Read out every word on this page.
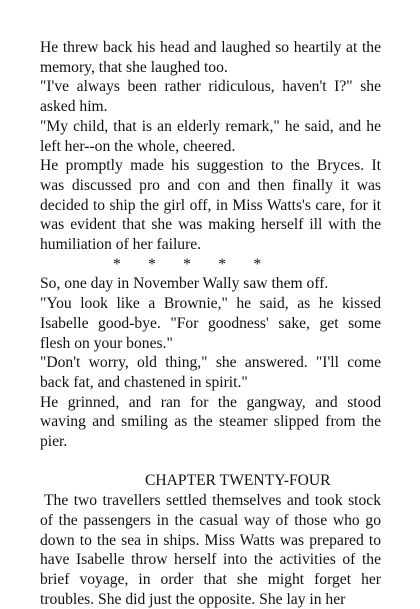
He threw back his head and laughed so heartily at the memory, that she laughed too.

"I've always been rather ridiculous, haven't I?" she asked him.

"My child, that is an elderly remark," he said, and he left her--on the whole, cheered.

He promptly made his suggestion to the Bryces. It was discussed pro and con and then finally it was decided to ship the girl off, in Miss Watts's care, for it was evident that she was making herself ill with the humiliation of her failure.

*       *       *       *       *

So, one day in November Wally saw them off.

"You look like a Brownie," he said, as he kissed Isabelle good-bye. "For goodness' sake, get some flesh on your bones."

"Don't worry, old thing," she answered. "I'll come back fat, and chastened in spirit."

He grinned, and ran for the gangway, and stood waving and smiling as the steamer slipped from the pier.

CHAPTER TWENTY-FOUR

The two travellers settled themselves and took stock of the passengers in the casual way of those who go down to the sea in ships. Miss Watts was prepared to have Isabelle throw herself into the activities of the brief voyage, in order that she might forget her troubles. She did just the opposite. She lay in her
